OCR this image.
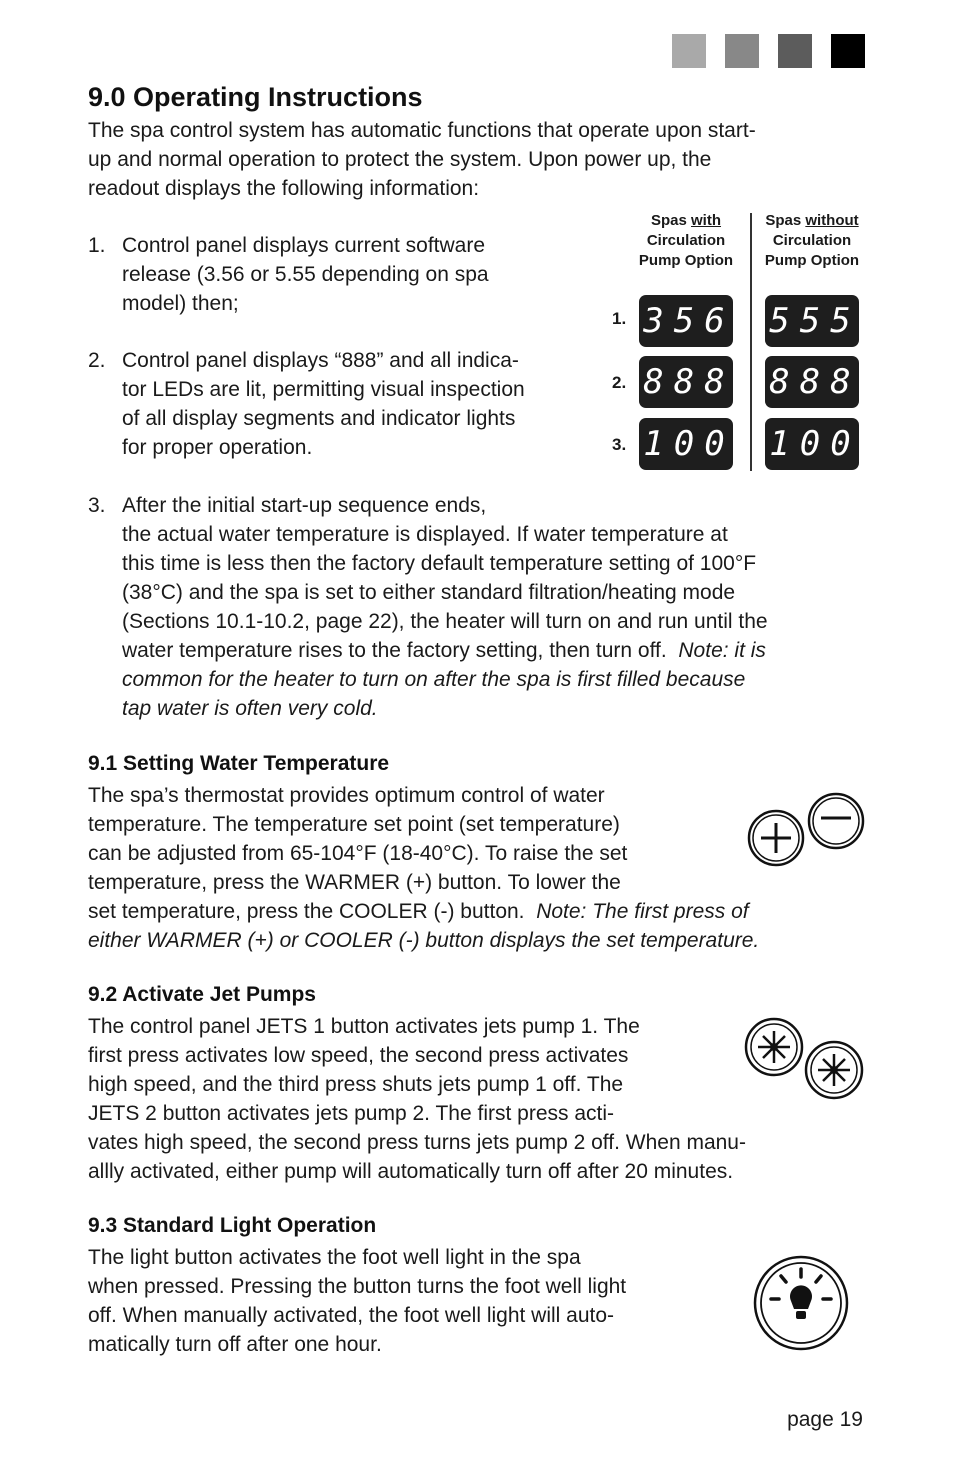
9.0 Operating Instructions
The spa control system has automatic functions that operate upon start-
up and normal operation to protect the system. Upon power up, the
readout displays the following information:
1. Control panel displays current software
release (3.56 or 5.55 depending on spa
model) then;
2. Control panel displays “888” and all indica-
tor LEDs are lit, permitting visual inspection
of all display segments and indicator lights
for proper operation.
3. After the initial start-up sequence ends,
the actual water temperature is displayed. If water temperature at
this time is less then the factory default temperature setting of 100°F
(38°C) and the spa is set to either standard filtration/heating mode
(Sections 10.1-10.2, page 22), the heater will turn on and run until the
water temperature rises to the factory setting, then turn off. Note: it is
common for the heater to turn on after the spa is first filled because
tap water is often very cold.
Spas with
Circulation
Pump Option
Spas without
Circulation
Pump Option
1. 356 555
2. 888 888
3. 100 100
9.1 Setting Water Temperature
The spa’s thermostat provides optimum control of water
temperature. The temperature set point (set temperature)
can be adjusted from 65-104°F (18-40°C). To raise the set
temperature, press the WARMER (+) button. To lower the
set temperature, press the COOLER (-) button. Note: The first press of
either WARMER (+) or COOLER (-) button displays the set temperature.
9.2 Activate Jet Pumps
The control panel JETS 1 button activates jets pump 1. The
first press activates low speed, the second press activates
high speed, and the third press shuts jets pump 1 off. The
JETS 2 button activates jets pump 2. The first press acti-
vates high speed, the second press turns jets pump 2 off. When manu-
allly activated, either pump will automatically turn off after 20 minutes.
9.3 Standard Light Operation
The light button activates the foot well light in the spa
when pressed. Pressing the button turns the foot well light
off. When manually activated, the foot well light will auto-
matically turn off after one hour.
page 19
